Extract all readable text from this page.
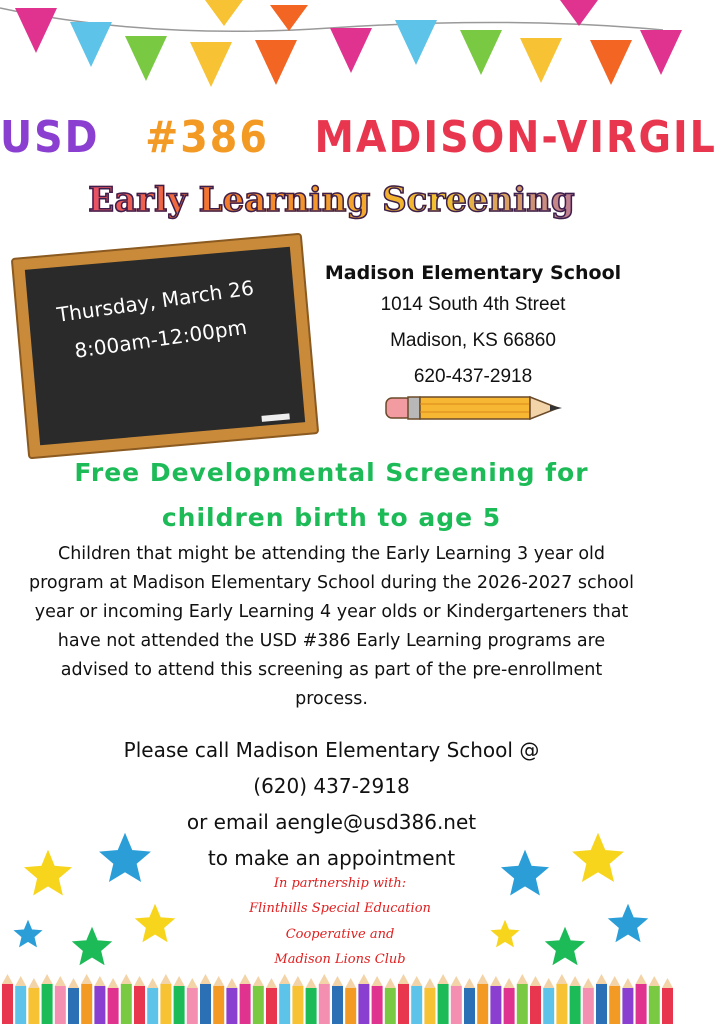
USD #386 MADISON-VIRGIL
Early Learning Screening
Thursday, March 26
8:00am-12:00pm
Madison Elementary School
1014 South 4th Street
Madison, KS 66860
620-437-2918
Free Developmental Screening for
children birth to age 5
Children that might be attending the Early Learning 3 year old program at Madison Elementary School during the 2026-2027 school year or incoming Early Learning 4 year olds or Kindergarteners that have not attended the USD #386 Early Learning programs are advised to attend this screening as part of the pre-enrollment process.
Please call Madison Elementary School @
(620) 437-2918
or email aengle@usd386.net
to make an appointment
In partnership with:
Flinthills Special Education
Cooperative and
Madison Lions Club
